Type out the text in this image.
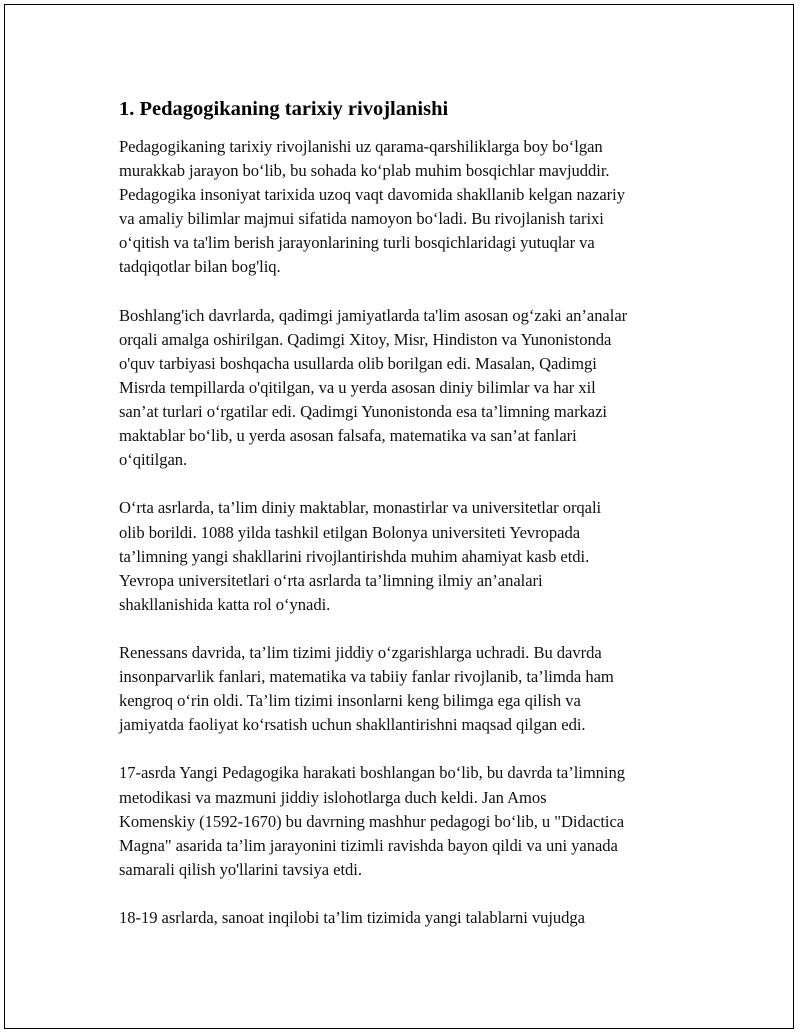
1. Pedagogikaning tarixiy rivojlanishi
Pedagogikaning tarixiy rivojlanishi uz qarama-qarshiliklarga boy bo‘lgan
murakkab jarayon bo‘lib, bu sohada ko‘plab muhim bosqichlar mavjuddir.
Pedagogika insoniyat tarixida uzoq vaqt davomida shakllanib kelgan nazariy
va amaliy bilimlar majmui sifatida namoyon bo‘ladi. Bu rivojlanish tarixi
o‘qitish va ta'lim berish jarayonlarining turli bosqichlaridagi yutuqlar va
tadqiqotlar bilan bog'liq.
Boshlang'ich davrlarda, qadimgi jamiyatlarda ta'lim asosan og‘zaki an’analar
orqali amalga oshirilgan. Qadimgi Xitoy, Misr, Hindiston va Yunonistonda
o'quv tarbiyasi boshqacha usullarda olib borilgan edi. Masalan, Qadimgi
Misrda tempillarda o'qitilgan, va u yerda asosan diniy bilimlar va har xil
san’at turlari o‘rgatilar edi. Qadimgi Yunonistonda esa ta’limning markazi
maktablar bo‘lib, u yerda asosan falsafa, matematika va san’at fanlari
o‘qitilgan.
O‘rta asrlarda, ta’lim diniy maktablar, monastirlar va universitetlar orqali
olib borildi. 1088 yilda tashkil etilgan Bolonya universiteti Yevropada
ta’limning yangi shakllarini rivojlantirishda muhim ahamiyat kasb etdi.
Yevropa universitetlari o‘rta asrlarda ta’limning ilmiy an’analari
shakllanishida katta rol o‘ynadi.
Renessans davrida, ta’lim tizimi jiddiy o‘zgarishlarga uchradi. Bu davrda
insonparvarlik fanlari, matematika va tabiiy fanlar rivojlanib, ta’limda ham
kengroq o‘rin oldi. Ta’lim tizimi insonlarni keng bilimga ega qilish va
jamiyatda faoliyat ko‘rsatish uchun shakllantirishni maqsad qilgan edi.
17-asrda Yangi Pedagogika harakati boshlangan bo‘lib, bu davrda ta’limning
metodikasi va mazmuni jiddiy islohotlarga duch keldi. Jan Amos
Komenskiy (1592-1670) bu davrning mashhur pedagogi bo‘lib, u "Didactica
Magna" asarida ta’lim jarayonini tizimli ravishda bayon qildi va uni yanada
samarali qilish yo'llarini tavsiya etdi.
18-19 asrlarda, sanoat inqilobi ta’lim tizimida yangi talablarni vujudga
